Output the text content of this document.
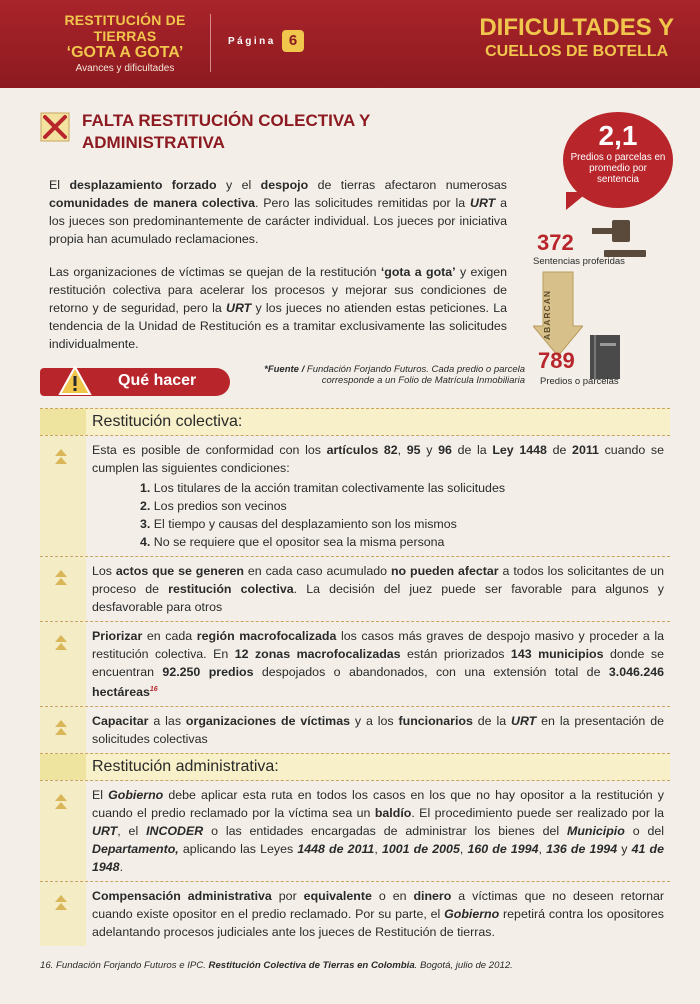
RESTITUCIÓN DE TIERRAS
‘GOTA A GOTA’
Avances y dificultades
Página 6	DIFICULTADES Y
CUELLOS DE BOTELLA
FALTA RESTITUCIÓN COLECTIVA Y
ADMINISTRATIVA
El desplazamiento forzado y el despojo de tierras afectaron numerosas comunidades de manera colectiva. Pero las solicitudes remitidas por la URT a los jueces son predominantemente de carácter individual. Los jueces por iniciativa propia han acumulado reclamaciones.
Las organizaciones de víctimas se quejan de la restitución ‘gota a gota’ y exigen restitución colectiva para acelerar los procesos y mejorar sus condiciones de retorno y de seguridad, pero la URT y los jueces no atienden estas peticiones. La tendencia de la Unidad de Restitución es a tramitar exclusivamente las solicitudes individualmente.
2,1
Predios o parcelas en promedio por sentencia
372
Sentencias proferidas
ABARCAN
789
Predios o parcelas
Qué hacer
*Fuente / Fundación Forjando Futuros. Cada predio o parcela corresponde a un Folio de Matrícula Inmobiliaria
Restitución colectiva:
Esta es posible de conformidad con los artículos 82, 95 y 96 de la Ley 1448 de 2011 cuando se cumplen las siguientes condiciones:
1. Los titulares de la acción tramitan colectivamente las solicitudes
2. Los predios son vecinos
3. El tiempo y causas del desplazamiento son los mismos
4. No se requiere que el opositor sea la misma persona
Los actos que se generen en cada caso acumulado no pueden afectar a todos los solicitantes de un proceso de restitución colectiva. La decisión del juez puede ser favorable para algunos y desfavorable para otros
Priorizar en cada región macrofocalizada los casos más graves de despojo masivo y proceder a la restitución colectiva. En 12 zonas macrofocalizadas están priorizados 143 municipios donde se encuentran 92.250 predios despojados o abandonados, con una extensión total de 3.046.246 hectáreas$^{16}$
Capacitar a las organizaciones de víctimas y a los funcionarios de la URT en la presentación de solicitudes colectivas
Restitución administrativa:
El Gobierno debe aplicar esta ruta en todos los casos en los que no hay opositor a la restitución y cuando el predio reclamado por la víctima sea un baldío. El procedimiento puede ser realizado por la URT, el INCODER o las entidades encargadas de administrar los bienes del Municipio o del Departamento, aplicando las Leyes 1448 de 2011, 1001 de 2005, 160 de 1994, 136 de 1994 y 41 de 1948.
Compensación administrativa por equivalente o en dinero a víctimas que no deseen retornar cuando existe opositor en el predio reclamado. Por su parte, el Gobierno repetirá contra los opositores adelantando procesos judiciales ante los jueces de Restitución de tierras.
16. Fundación Forjando Futuros e IPC. Restitución Colectiva de Tierras en Colombia. Bogotá, julio de 2012.
